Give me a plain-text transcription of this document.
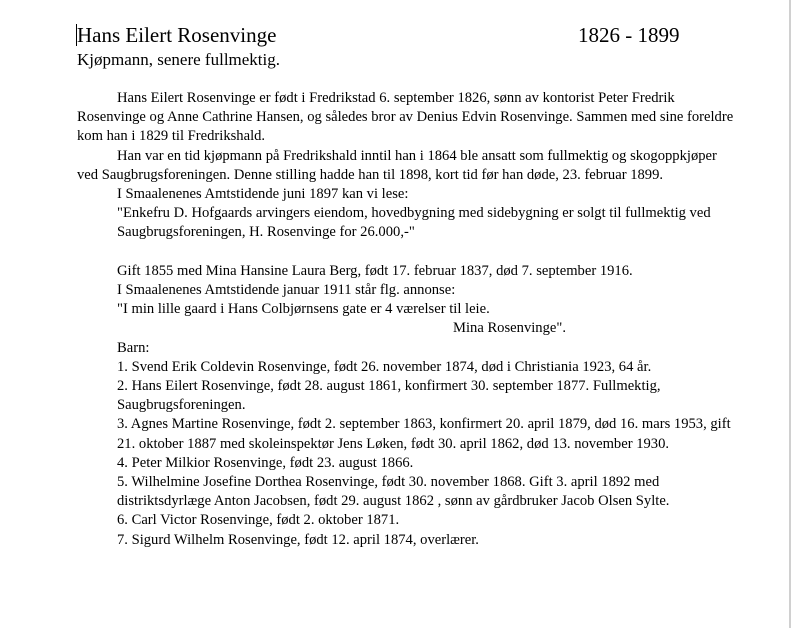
Hans Eilert Rosenvinge	1826 - 1899
Kjøpmann, senere fullmektig.

Hans Eilert Rosenvinge er født i Fredrikstad 6. september 1826, sønn av kontorist Peter Fredrik Rosenvinge og Anne Cathrine Hansen, og således bror av Denius Edvin Rosenvinge. Sammen med sine foreldre kom han i 1829 til Fredrikshald.

Han var en tid kjøpmann på Fredrikshald inntil han i 1864 ble ansatt som fullmektig og skogoppkjøper ved Saugbrugsforeningen. Denne stilling hadde han til 1898, kort tid før han døde, 23. februar 1899.

I Smaalenenes Amtstidende juni 1897 kan vi lese:

"Enkefru D. Hofgaards arvingers eiendom, hovedbygning med sidebygning er solgt til fullmektig ved Saugbrugsforeningen, H. Rosenvinge for 26.000,-"

Gift 1855 med Mina Hansine Laura Berg, født 17. februar 1837, død 7. september 1916.

I Smaalenenes Amtstidende januar 1911 står flg. annonse:

"I min lille gaard i Hans Colbjørnsens gate er 4 værelser til leie.

Mina Rosenvinge".

Barn:

1. Svend Erik Coldevin Rosenvinge, født 26. november 1874, død i Christiania 1923, 64 år.

2. Hans Eilert Rosenvinge, født 28. august 1861, konfirmert 30. september 1877. Fullmektig, Saugbrugsforeningen.

3. Agnes Martine Rosenvinge, født 2. september 1863, konfirmert 20. april 1879, død 16. mars 1953, gift 21. oktober 1887 med skoleinspektør Jens Løken, født 30. april 1862, død 13. november 1930.

4. Peter Milkior Rosenvinge, født 23. august 1866.

5. Wilhelmine Josefine Dorthea Rosenvinge, født 30. november 1868. Gift 3. april 1892 med distriktsdyrlæge Anton Jacobsen, født 29. august 1862 , sønn av gårdbruker Jacob Olsen Sylte.

6. Carl Victor Rosenvinge, født 2. oktober 1871.

7. Sigurd Wilhelm Rosenvinge, født 12. april 1874, overlærer.
